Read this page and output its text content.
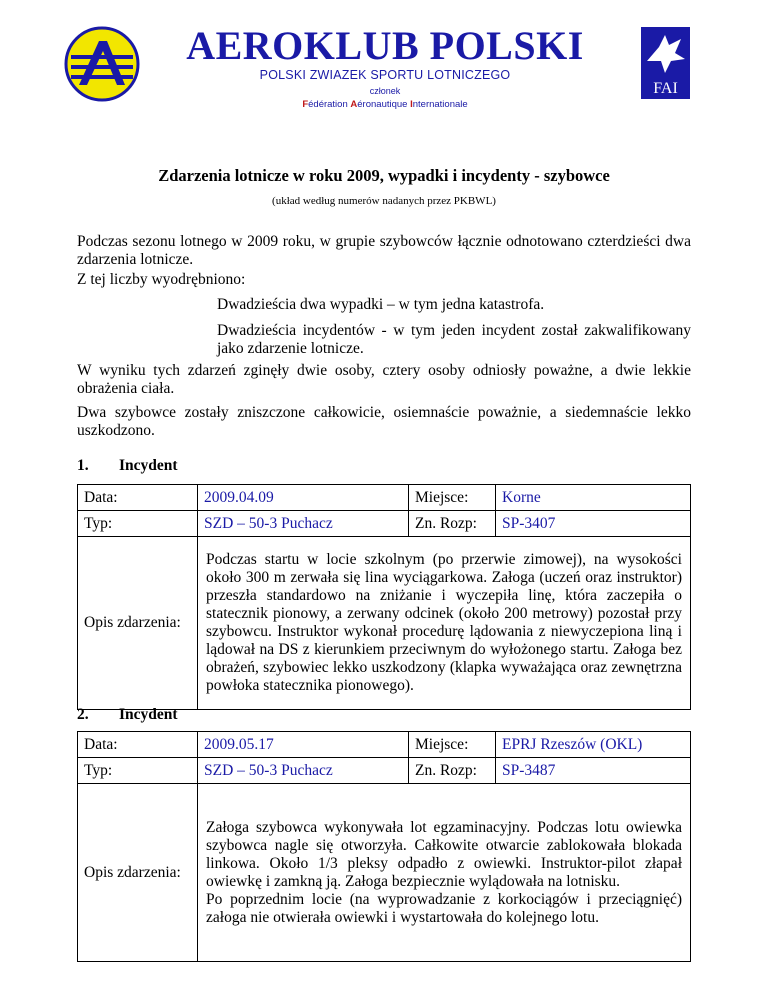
AEROKLUB POLSKI
POLSKI ZWIAZEK SPORTU LOTNICZEGO
członek
Fédération Aéronautique Internationale
FAI
Zdarzenia lotnicze w roku 2009, wypadki i incydenty - szybowce
(układ według numerów nadanych przez PKBWL)
Podczas sezonu lotnego w 2009 roku, w grupie szybowców łącznie odnotowano czterdzieści dwa zdarzenia lotnicze.
Z tej liczby wyodrębniono:
Dwadzieścia dwa wypadki – w tym jedna katastrofa.
Dwadzieścia incydentów - w tym jeden incydent został zakwalifikowany jako zdarzenie lotnicze.
W wyniku tych zdarzeń zginęły dwie osoby, cztery osoby odniosły poważne, a dwie lekkie obrażenia ciała.
Dwa szybowce zostały zniszczone całkowicie, osiemnaście poważnie, a siedemnaście lekko uszkodzono.
1. Incydent
Data:	2009.04.09	Miejsce:	Korne
Typ:	SZD – 50-3 Puchacz	Zn. Rozp:	SP-3407
Opis zdarzenia:	Podczas startu w locie szkolnym (po przerwie zimowej), na wysokości około 300 m zerwała się lina wyciągarkowa. Załoga (uczeń oraz instruktor) przeszła standardowo na zniżanie i wyczepiła linę, która zaczepiła o statecznik pionowy, a zerwany odcinek (około 200 metrowy) pozostał przy szybowcu. Instruktor wykonał procedurę lądowania z niewyczepiona liną i lądował na DS z kierunkiem przeciwnym do wyłożonego startu. Załoga bez obrażeń, szybowiec lekko uszkodzony (klapka wyważająca oraz zewnętrzna powłoka statecznika pionowego).		
2. Incydent
Data:	2009.05.17	Miejsce:	EPRJ Rzeszów (OKL)
Typ:	SZD – 50-3 Puchacz	Zn. Rozp:	SP-3487
Opis zdarzenia:	Załoga szybowca wykonywała lot egzaminacyjny. Podczas lotu owiewka szybowca nagle się otworzyła. Całkowite otwarcie zablokowała blokada linkowa. Około 1/3 pleksy odpadło z owiewki. Instruktor-pilot złapał owiewkę i zamkną ją. Załoga bezpiecznie wylądowała na lotnisku.
Po poprzednim locie (na wyprowadzanie z korkociągów i przeciągnięć) załoga nie otwierała owiewki i wystartowała do kolejnego lotu.		
